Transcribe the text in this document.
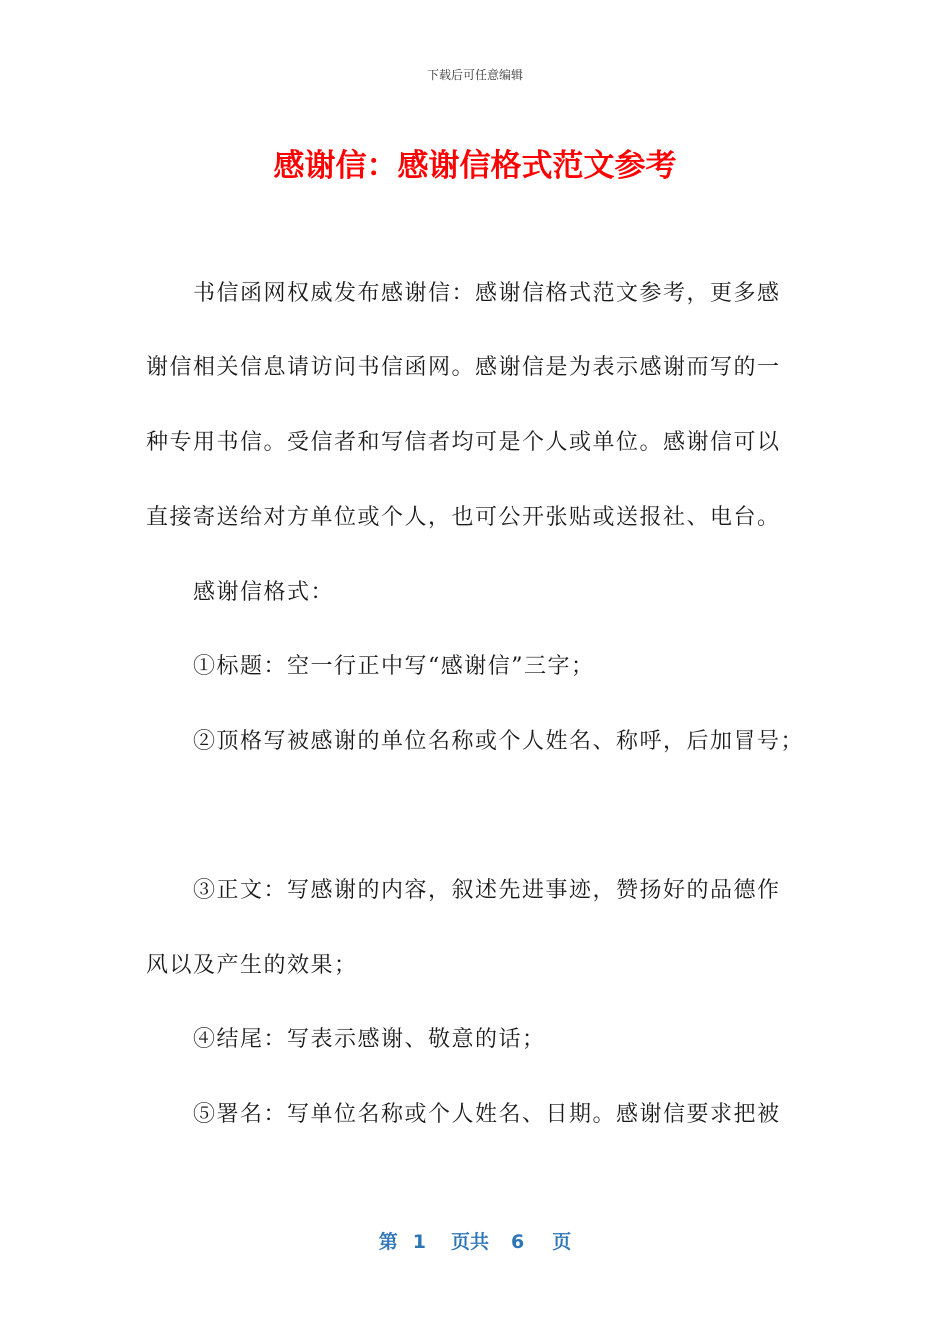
下载后可任意编辑
感谢信：感谢信格式范文参考
书信函网权威发布感谢信：感谢信格式范文参考，更多感
谢信相关信息请访问书信函网。感谢信是为表示感谢而写的一
种专用书信。受信者和写信者均可是个人或单位。感谢信可以
直接寄送给对方单位或个人，也可公开张贴或送报社、电台。
感谢信格式：
①标题：空一行正中写“感谢信”三字；
②顶格写被感谢的单位名称或个人姓名、称呼，后加冒号；
③正文：写感谢的内容，叙述先进事迹，赞扬好的品德作
风以及产生的效果；
④结尾：写表示感谢、敬意的话；
⑤署名：写单位名称或个人姓名、日期。感谢信要求把被
第 1 页共 6 页
